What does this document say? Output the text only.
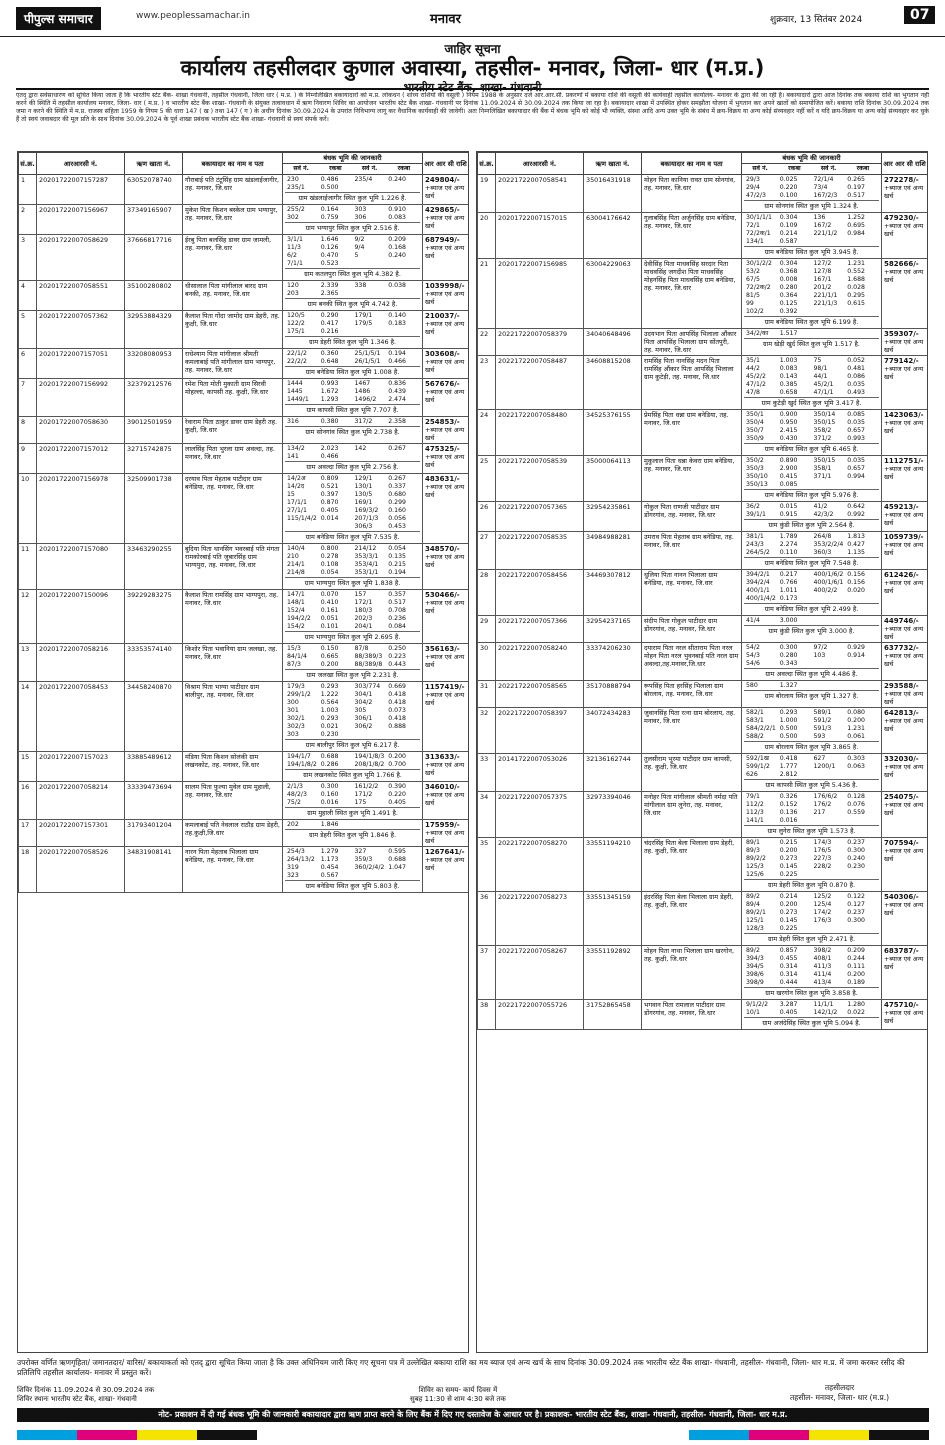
पीपुल्स समाचार	www.peoplessamachar.in	मनावर	शुक्रवार, 13 सितंबर 2024	07
जाहिर सूचना
कार्यालय तहसीलदार कुणाल अवास्या, तहसील- मनावर, जिला- धार (म.प्र.)
भारतीय स्टेट बैंक, शाखा- गंधवानी
एतद् द्वारा सर्वसाधारण को सूचित किया जाता है कि भारतीय स्टेट बैंक- शाखा गंधवानी, तहसील गंधवानी, जिला धार ( म.प्र. ) के निम्नलिखित बकायादारों को म.प्र. लोकधन ( शोध्य राशियों की वसूली ) नियम 1988 के अनुसार दर्ज आर.आर.सी. प्रकरणों में बकाया राशि की वसूली की कार्यवाही तहसील कार्यालय- मनावर के द्वारा की जा रही है। बकायादारों द्वारा आज दिनांक तक बकाया राशि का भुगतान नहीं करने की स्थिति में तहसील कार्यालय मनावर, जिला- धार ( म.प्र. ) व भारतीय स्टेट बैंक शाखा- गंधवानी के संयुक्त तत्वावधान में ऋण निवारण शिविर का आयोजन भारतीय स्टेट बैंक शाखा- गंधवानी पर दिनांक 11.09.2024 से 30.09.2024 तक किया जा रहा है। बकायादार शाखा में उपस्थित होकर समझौता योजना में भुगतान कर अपने खातों को समायोजित करें। बकाया राशि दिनांक 30.09.2024 तक जमा न करने की स्थिति में म.प्र. राजस्व संहिता 1959 के नियम 5 की धारा 147 ( ख ) तथा 147 ( ग ) के अधीन दिनांक 30.09.2024 के उपरांत निविभाग्य लागू कर वैधानिक कार्यवाही की जावेगी। अतः निम्नलिखित बकायादार की बैंक में बंधक भूमि को कोई भी व्यक्ति, संस्था आदि अन्य उक्त भूमि के संबंध में क्रय-विक्रय या अन्य कोई संव्यवहार नहीं करें व यदि क्रय-विक्रय या अन्य कोई संव्यवहार कर चुके हैं तो स्वयं जवाबदार की मूल प्रति के साथ दिनांक 30.09.2024 के पूर्व शाखा प्रबंधक भारतीय स्टेट बैंक शाखा- गंधवानी से स्वयं संपर्क करें।
सं.क्र.	आरआरसी नं.	ऋण खाता नं.	बकायादार का नाम व पता	बंधक भूमि की जानकारी	आर आर सी राशि

सर्वे नं.	रकबा	सर्वे नं.	रकबा

1	20201722007157287	63052078740	गौराबाई पति टंटूसिंह ग्राम खंडलाईजागीर, तह. मनावर, जि.धार	
230	0.486	235/4	0.240
235/1	0.500		
ग्राम खंडलाईजागीर स्थित कुल भूमि 1.226 है.

249804/-
+ब्याज एवं अन्य खर्च

2	20201722007156967	37349165907	मुकेश पिता किशन बस्केल ग्राम भग्यापुर, तह. मनावर, जि.धार	
255/2	0.164	303	0.910
302	0.759	306	0.083
ग्राम भग्यापुर स्थित कुल भूमि 2.516 है.

429865/-
+ब्याज एवं अन्य खर्च

3	20201722007058629	37666817716	ईरबु पिता बलसिंह डावर ग्राम जामली, तह. मनावर, जि.धार	
3/1/1	1.646	9/2	0.209
11/3	0.126	9/4	0.168
6/2	0.470	5	0.240
7/1/1	0.523		
ग्राम कतलपुरा स्थित कुल भूमि 4.382 है.

687949/-
+ब्याज एवं अन्य खर्च

4	20201722007058551	35100280802	धीसालाल पिता मांगीलाल बारद ग्राम बनकी, तह. मनावर, जि.धार	
120	2.339	338	0.038
203	2.365		
ग्राम बनकी स्थित कुल भूमि 4.742 है.

1039998/-
+ब्याज एवं अन्य खर्च

5	20201722007057362	32953884329	कैलाश पिता गोंदा जामोद ग्राम डेहरी, तह. कुक्षी, जि.धार	
120/5	0.290	179/1	0.140
122/2	0.417	179/5	0.183
175/1	0.216		
ग्राम डेहरी स्थित कुल भूमि 1.346 है.

210037/-
+ब्याज एवं अन्य खर्च

6	20201722007157051	33208080953	राधेश्याम पिता मांगीलाल श्रीमती कमलाबाई पति मांगीलाल ग्राम भाग्यपुर, तह. मनावर, जि.धार	
22/1/2	0.360	25/1/5/1	0.194
22/2/2	0.648	26/1/5/1	0.466
ग्राम बनेडिया स्थित कुल भूमि 1.008 है.

303608/-
+ब्याज एवं अन्य खर्च

7	20201722007156992	32379212576	रमेश पिता मोती मुकाती ग्राम सिरवी मोहल्ला, कापसी तह. कुक्षी, जि.धार	
1444	0.993	1467	0.836
1445	1.672	1486	0.439
1449/1	1.293	1496/2	2.474
ग्राम कापसी स्थित कुल भूमि 7.707 है.

567676/-
+ब्याज एवं अन्य खर्च

8	20201722007058630	39012501959	रेवाराम पिता ठाकुर डावर ग्राम डेहरी तह. कुक्षी, जि.धार	
316	0.380	317/2	2.358
ग्राम सोनगांव स्थित कुल भूमि 2.738 है.

254853/-
+ब्याज एवं अन्य खर्च

9	20201722007157012	32715742875	लालसिंह पिता भुरला ग्राम अवल्दा, तह. मनावर, जि.धार	
134/2	2.023	142	0.267
141	0.466		
ग्राम अवल्दा स्थित कुल भूमि 2.756 है.

475325/-
+ब्याज एवं अन्य खर्च

10	20201722007156978	32509901738	दरयाव पिता मेहताब पाटीदार ग्राम बनेडिया, तह. मनावर, जि.धार	
14/2अ	0.809	129/1	0.267
14/2द	0.521	130/1	0.337
15	0.397	130/5	0.680
17/1/1	0.870	169/1	0.299
27/1/1	0.405	169/3/2	0.160
115/1/4/2	0.014	207/1/3	0.056
		306/3	0.453
ग्राम बनेडिया स्थित कुल भूमि 7.535 है.

483631/-
+ब्याज एवं अन्य खर्च

11	20201722007157080	33463290255	बुदिया पिता थानसिंग भवरबाई पति मंगता रामकोरबाई पति जुबारसिंह ग्राम भाग्यपुरा, तह. मनावर, जि.धार	
140/4	0.800	214/12	0.054
210	0.278	353/3/1	0.135
214/1	0.108	353/4/1	0.215
214/8	0.054	353/1/1	0.194
ग्राम भाग्यपुरा स्थित कुल भूमि 1.838 है.

348570/-
+ब्याज एवं अन्य खर्च

12	20201722007150096	39229283275	कैलाश पिता रामसिंह ग्राम भाग्यपुरा, तह. मनावर, जि.धार	
147/1	0.070	157	0.357
148/1	0.410	172/1	0.517
152/4	0.161	180/3	0.708
194/2/2	0.051	202/3	0.236
154/2	0.101	204/1	0.084
ग्राम भाग्यपुरा स्थित कुल भूमि 2.695 है.

530466/-
+ब्याज एवं अन्य खर्च

13	20201722007058216	33353574140	किशोर पिता भवानिया ग्राम जलखा, तह. मनावर, जि.धार	
15/3	0.150	87/8	0.250
84/1/4	0.665	88/389/3	0.223
87/3	0.200	88/389/8	0.443
ग्राम जलखा स्थित कुल भूमि 2.231 है.

356163/-
+ब्याज एवं अन्य खर्च

14	20201722007058453	34458240870	विश्राम पिता भाग्या पाटीदार ग्राम बालीपुर, तह. मनावर, जि.धार	
179/3	0.293	303/774	0.669
299/1/2	1.222	304/1	0.418
300	0.564	304/2	0.418
301	1.003	305	0.073
302/1	0.293	306/1	0.418
302/3	0.021	306/2	0.888
303	0.230		
ग्राम बालीपुर स्थित कुल भूमि 6.217 है.

1157419/-
+ब्याज एवं अन्य खर्च

15	20201722007157023	33885489612	मंडिया पिता किशन सोलंकी ग्राम लखनकोट, तह. मनावर, जि.धार	
194/1/7	0.688	194/1/8/3	0.200
194/1/8/2	0.286	208/1/8/2	0.700
ग्राम लखनकोट स्थित कुल भूमि 1.766 है.

313633/-
+ब्याज एवं अन्य खर्च

16	20201722007058214	33339473694	सालम पिता फुल्या मुवेल ग्राम मुहाली, तह. मनावर, जि.धार	
2/1/3	0.300	161/2/2	0.390
48/2/3	0.160	171/2	0.220
75/2	0.016	175	0.405
ग्राम मुहाली स्थित कुल भूमि 1.491 है.

346010/-
+ब्याज एवं अन्य खर्च

17	20201722007157301	31793401204	कमलाबाई पति नेवलाल राठौड़ ग्राम डेहरी, तह.कुक्षी,जि.धार	
202	1.846		
ग्राम डेहरी स्थित कुल भूमि 1.846 है.

175959/-
+ब्याज एवं अन्य खर्च

18	20201722007058526	34831908141	नारन पिता मेहताब भिलाला ग्राम बनेडिया, तह. मनावर, जि.धार	
254/3	1.279	327	0.595
264/13/2	1.173	359/3	0.688
319	0.454	360/2/4/2	1.047
323	0.567		
ग्राम बनेडिया स्थित कुल भूमि 5.803 है.

1267641/-
+ब्याज एवं अन्य खर्च
सं.क्र.	आरआरसी नं.	ऋण खाता नं.	बकायादार का नाम व पता	बंधक भूमि की जानकारी	आर आर सी राशि

सर्वे नं.	रकबा	सर्वे नं.	रकबा

19	20221722007058541	35016431918	मोहन पिता कानिया रावत ग्राम सोनगांव, तह. मनावर, जि.धार	
29/3	0.025	72/1/4	0.265
29/4	0.220	73/4	0.197
47/2/3	0.100	167/2/3	0.517
ग्राम सोनगांव स्थित कुल भूमि 1.324 है.

272278/-
+ब्याज एवं अन्य खर्च

20	20201722007157015	63004176642	गुलाबसिंह पिता अर्जुनसिंह ग्राम बनेडिया, तह. मनावर, जि.धार	
30/1/1/1	0.304	136	1.252
72/1	0.109	167/2	0.695
72/2क/1	0.214	221/1/2	0.984
134/1	0.587		
ग्राम बनेडिया स्थित कुल भूमि 3.945 है.

479230/-
+ब्याज एवं अन्य खर्च

21	20201722007156985	63004229063	देवीसिंह पिता माधवसिंह सरदार पिता माधवसिंह जगदीश पिता माधवसिंह मोहनसिंह पिता माधवसिंह ग्राम बनेडिया, तह. मनावर, जि.धार	
30/1/2/2	0.304	127/2	1.231
53/2	0.368	127/8	0.552
67/5	0.008	167/1	1.688
72/2क/2	0.280	201/2	0.028
81/5	0.364	221/1/1	0.295
99	0.125	221/1/3	0.615
102/2	0.392		
ग्राम बनेडिया स्थित कुल भूमि 6.199 है.

582666/-
+ब्याज एवं अन्य खर्च

22	20221722007058379	34040648496	उदयभान पिता आपसिंह भिलाला औंकार पिता आपसिंह भिलाला ग्राम सोंतपुरी, तह. मनावर, जि.धार	
34/2/का	1.517		
ग्राम खेड़ी खुर्द स्थित कुल भूमि 1.517 है.

359307/-
+ब्याज एवं अन्य खर्च

23	20221722007058487	34608815208	रामसिंह पिता नानसिंह मदन पिता रामसिंह औंकार पिता आपसिंह भिलाला ग्राम कुटेड़ी, तह. मनावर, जि.धार	
35/1	1.003	75	0.052
44/2	0.083	98/1	0.481
45/2/2	0.143	44/1	0.086
47/1/2	0.385	45/2/1	0.035
47/8	0.658	47/1/1	0.493
ग्राम कुटेड़ी खुर्द स्थित कुल भूमि 3.417 है.

779142/-
+ब्याज एवं अन्य खर्च

24	20221722007058480	34525376155	प्रेमसिंह पिता धन्ना ग्राम बनेडिया, तह. मनावर, जि.धार	
350/1	0.900	350/14	0.085
350/4	0.950	350/15	0.035
350/7	2.415	358/2	0.657
350/9	0.430	371/2	0.993
ग्राम बनेडिया स्थित कुल भूमि 6.465 है.

1423063/-
+ब्याज एवं अन्य खर्च

25	20221722007058539	35000064113	मुकुलाल पिता धन्ना केवरा ग्राम बनेडिया, तह. मनावर, जि.धार	
350/2	0.890	350/15	0.035
350/3	2.900	358/1	0.657
350/10	0.415	371/1	0.994
350/13	0.085		
ग्राम बनेडिया स्थित कुल भूमि 5.976 है.

1112751/-
+ब्याज एवं अन्य खर्च

26	20221722007057365	32954235861	गोकुल पिता राणजी पाटीदार ग्राम डोंगरगांव, तह. मनावर, जि.धार	
36/2	0.015	41/2	0.642
39/1/1	0.915	42/3/2	0.992
ग्राम कुंडी स्थित कुल भूमि 2.564 है.

459213/-
+ब्याज एवं अन्य खर्च

27	20221722007058535	34984988281	उमराव पिता मेहताब ग्राम बनेडिया, तह. मनावर, जि.धार	
381/1	1.789	264/8	1.813
243/3	2.274	353/2/2/4	0.427
264/5/2	0.110	360/3	1.135
ग्राम बनेडिया स्थित कुल भूमि 7.548 है.

1059739/-
+ब्याज एवं अन्य खर्च

28	20221722007058456	34469307812	धुलिया पिता नानन भिलाला ग्राम बनेडिया, तह. मनावर, जि.धार	
394/2/1	0.217	400/1/6/2	0.156
394/2/4	0.766	400/1/6/1	0.156
400/1/1	1.011	400/2/2	0.020
400/1/4/2	0.173		
ग्राम बनेडिया स्थित कुल भूमि 2.499 है.

612426/-
+ब्याज एवं अन्य खर्च

29	20221722007057366	32954237165	संदीप पिता गोकुल पाटीदार ग्राम डोंगरगांव, तह. मनावर, जि.धार	
41/4	3.000		
ग्राम कुंडी स्थित कुल भूमि 3.000 है.

449746/-
+ब्याज एवं अन्य खर्च

30	20221722007058240	33374206230	दयाराम पिता नरल सीताराम पिता नरल मोहन पिता नरल भुवनबाई पति नरल ग्राम अवल्दा,तह.मनावर,जि.धार	
54/2	0.300	97/2	0.929
54/3	0.280	103	0.914
54/6	0.343		
ग्राम अवल्दा स्थित कुल भूमि 4.486 है.

637732/-
+ब्याज एवं अन्य खर्च

31	20221722007058565	35170888794	रूपसिंह पिता हरसिंह भिलाला ग्राम बोरलाय, तह. मनावर, जि.धार	
580	1.327		
ग्राम बोरलाय स्थित कुल भूमि 1.327 है.

293588/-
+ब्याज एवं अन्य खर्च

32	20221722007058397	34072434283	जुवानसिंह पिता रत्ना ग्राम बोरलाय, तह. मनावर, जि.धार	
582/1	0.293	589/1	0.080
583/1	1.000	591/2	0.200
584/2/2/1	0.500	591/3	1.231
588/2	0.500	593	0.061
ग्राम बोरलाय स्थित कुल भूमि 3.865 है.

642813/-
+ब्याज एवं अन्य खर्च

33	20141722007053026	32136162744	तुलसीराम भुरमा पाटीदार ग्राम कापसी, तह. कुक्षी, जि.धार	
592/1ख	0.418	627	0.303
599/1/2	1.777	1200/1	0.063
626	2.812		
ग्राम कापसी स्थित कुल भूमि 5.436 है.

332030/-
+ब्याज एवं अन्य खर्च

34	20221722007057375	32973394046	मनोहर पिता मांगीलाल श्रीमती नर्मदा पति मांगीलाल ग्राम लुनेरा, तह. मनावर, जि.धार	
79/1	0.326	176/6/2	0.128
112/2	0.152	176/2	0.076
112/3	0.136	217	0.559
141/1	0.016		
ग्राम लुनेरा स्थित कुल भूमि 1.573 है.

254075/-
+ब्याज एवं अन्य खर्च

35	20221722007058270	33551194210	चंदरसिंह पिता बेला भिलाला ग्राम डेहरी, तह. कुक्षी, जि.धार	
89/1	0.215	174/3	0.237
89/3	0.200	176/5	0.300
89/2/2	0.273	227/3	0.240
125/3	0.145	228/2	0.230
125/6	0.225		
ग्राम डेहरी स्थित कुल भूमि 0.870 है.

707594/-
+ब्याज एवं अन्य खर्च

36	20221722007058273	33551345159	इंदरसिंह पिता बेला भिलाला ग्राम डेहरी, तह. कुक्षी, जि.धार	
89/2	0.214	125/2	0.122
89/4	0.200	125/4	0.127
89/2/1	0.273	174/2	0.237
125/1	0.145	176/3	0.300
128/3	0.225		
ग्राम डेहरी स्थित कुल भूमि 2.471 है.

540306/-
+ब्याज एवं अन्य खर्च

37	20221722007058267	33551192892	मोहन पिता नाथा भिलाला ग्राम खरगोन, तह. कुक्षी, जि.धार	
89/2	0.857	398/2	0.209
394/3	0.455	408/1	0.244
394/5	0.314	411/3	0.111
398/6	0.314	411/4	0.200
398/9	0.444	413/4	0.189
ग्राम खरगोन स्थित कुल भूमि 3.858 है.

683787/-
+ब्याज एवं अन्य खर्च

38	20221722007055726	31752865458	भगवान पिता रामलाल पाटीदार ग्राम डोंगरगांव, तह. मनावर, जि.धार	
9/1/2/2	3.287	11/1/1	1.280
10/1	0.405	142/1/2	0.022
ग्राम अजंदेसिंह स्थित कुल भूमि 5.094 है.

475710/-
+ब्याज एवं अन्य खर्च
उपरोक्त वर्णित ऋणगृहिता/ जमानतदार/ वारिस/ बकायाकर्ता को एतद् द्वारा सूचित किया जाता है कि उक्त अधिनियम जारी किए गए सूचना पत्र में उल्लेखित बकाया राशि का मय ब्याज एवं अन्य खर्च के साथ दिनांक 30.09.2024 तक भारतीय स्टेट बैंक शाखा- गंधवानी, तहसील- गंधवानी, जिला- धार म.प्र. में जमा करकर रसीद की प्रतिलिपि तहसील कार्यालय- मनावर में प्रस्तुत करें।
शिविर दिनांक 11.09.2024 से 30.09.2024 तक
शिविर स्थानः भारतीय स्टेट बैंक, शाखा- गंधवानी
शिविर का समय- कार्य दिवस में
सुबह 11:30 से शाम 4:30 बजे तक
तहसीलदार
तहसील- मनावर, जिला- धार (म.प्र.)
नोट- प्रकाशन में दी गई बंधक भूमि की जानकारी बकायादार द्वारा ऋण प्राप्त करने के लिए बैंक में दिए गए दस्तावेज के आधार पर है। प्रकाशक- भारतीय स्टेट बैंक, शाखा- गंधवानी, तहसील- गंधवानी, जिला- धार म.प्र.
